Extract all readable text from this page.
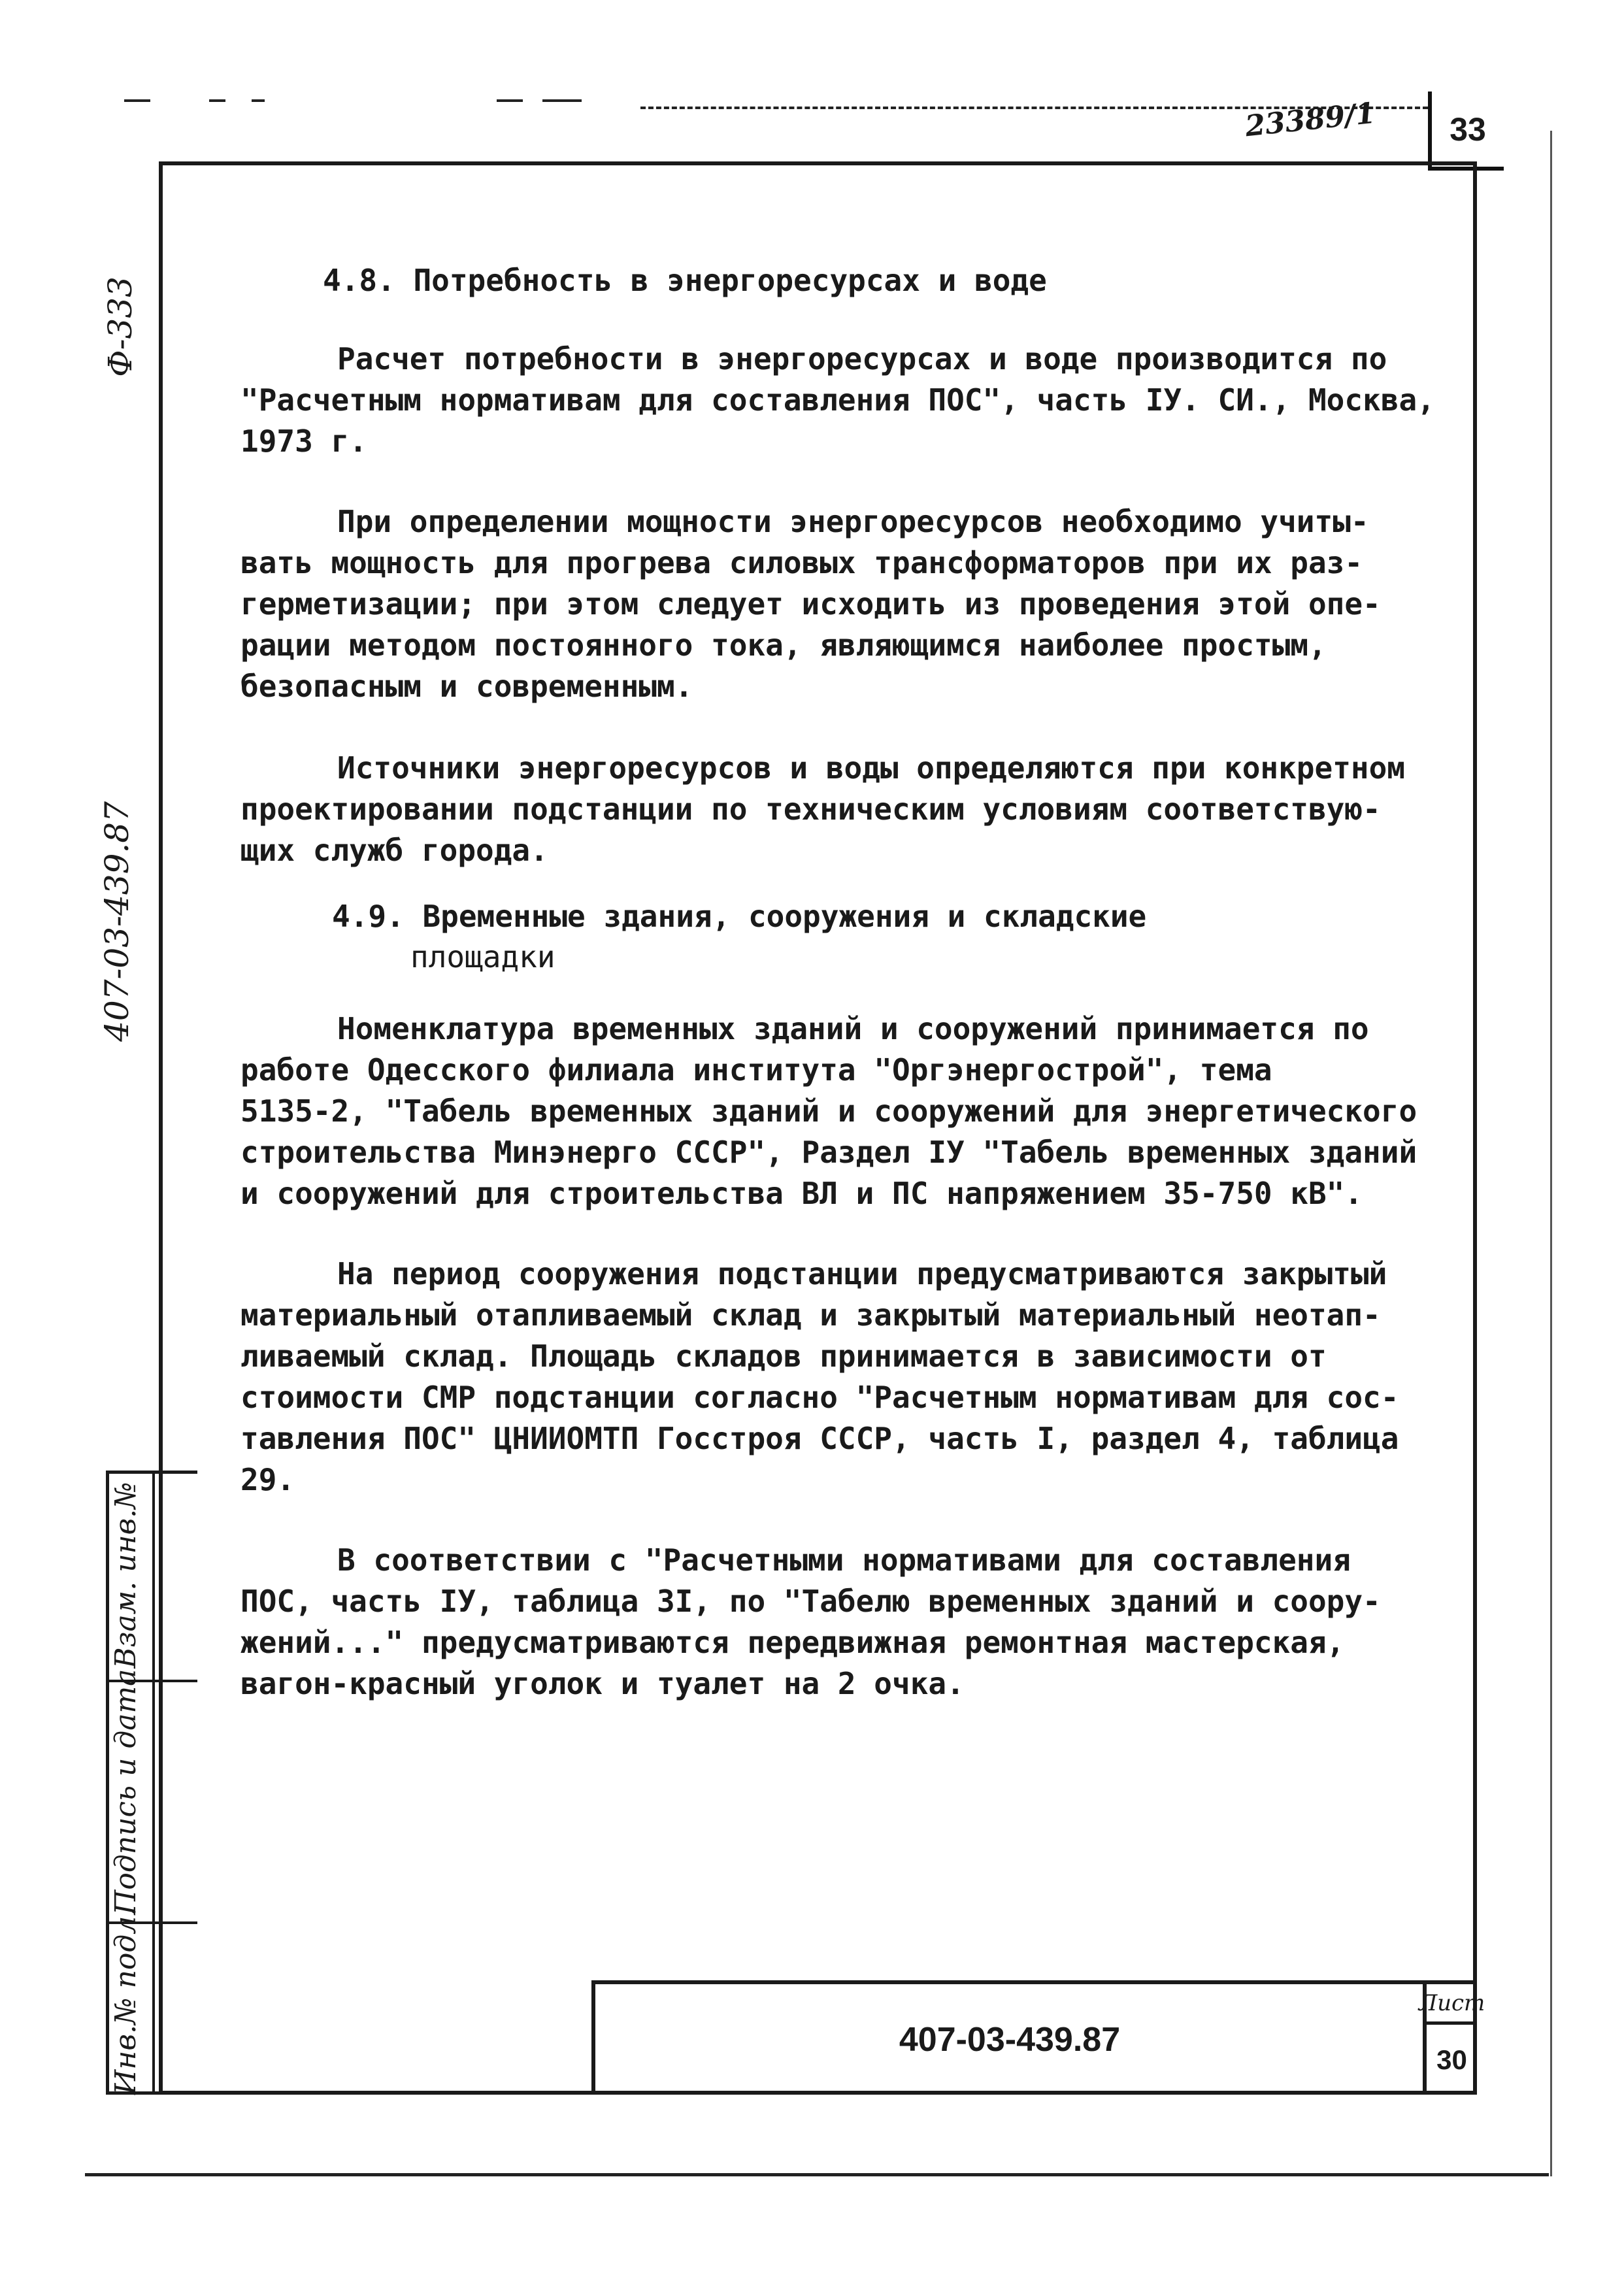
23389/1	33
Ф-333
407-03-439.87
Инв.№ подл.
Подпись и дата
Взам. инв.№

4.8. Потребность в энергоресурсах и воде

Расчет потребности в энергоресурсах и воде производится по
"Расчетным нормативам для составления ПОС", часть IУ. СИ., Москва,
1973 г.

При определении мощности энергоресурсов необходимо учиты-
вать мощность для прогрева силовых трансформаторов при их раз-
герметизации; при этом следует исходить из проведения этой опе-
рации методом постоянного тока, являющимся наиболее простым,
безопасным и современным.

Источники энергоресурсов и воды определяются при конкретном
проектировании подстанции по техническим условиям соответствую-
щих служб города.

4.9. Временные здания, сооружения и складские

площадки

Номенклатура временных зданий и сооружений принимается по
работе Одесского филиала института "Оргэнергострой", тема
5135-2, "Табель временных зданий и сооружений для энергетического
строительства Минэнерго СССР", Раздел IУ "Табель временных зданий
и сооружений для строительства ВЛ и ПС напряжением 35-750 кВ".

На период сооружения подстанции предусматриваются закрытый
материальный отапливаемый склад и закрытый материальный неотап-
ливаемый склад. Площадь складов принимается в зависимости от
стоимости СМР подстанции согласно "Расчетным нормативам для сос-
тавления ПОС" ЦНИИОМТП Госстроя СССР, часть I, раздел 4, таблица
29.

В соответствии с "Расчетными нормативами для составления
ПОС, часть IУ, таблица 3I, по "Табелю временных зданий и соору-
жений..." предусматриваются передвижная ремонтная мастерская,
вагон-красный уголок и туалет на 2 очка.

407-03-439.87
Лист
30
